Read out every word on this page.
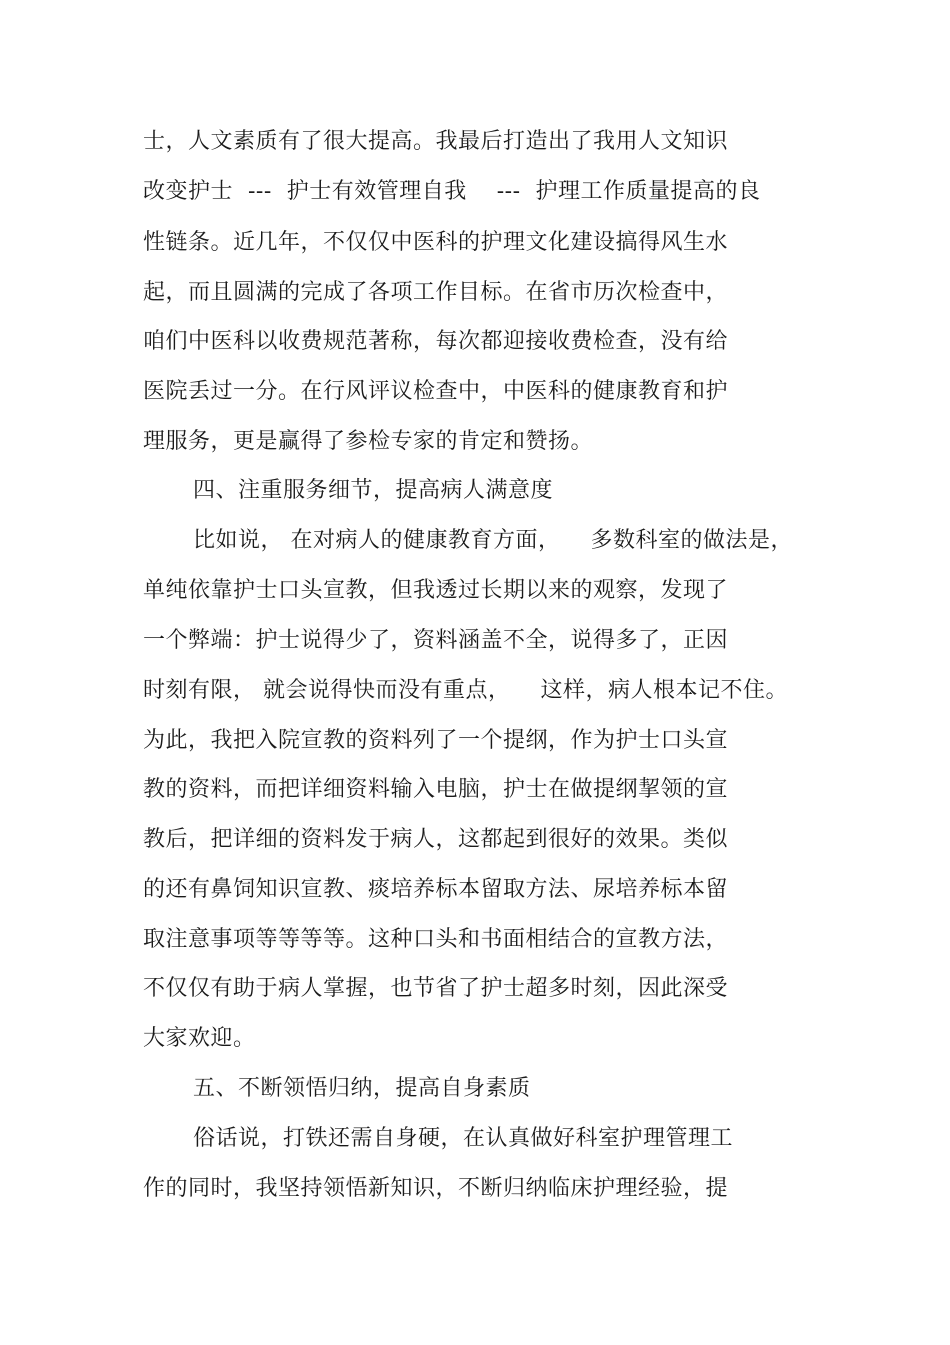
士，人文素质有了很大提高。我最后打造出了我用人文知识
改变护士  ---  护士有效管理自我    ---  护理工作质量提高的良
性链条。近几年，不仅仅中医科的护理文化建设搞得风生水
起，而且圆满的完成了各项工作目标。在省市历次检查中，
咱们中医科以收费规范著称，每次都迎接收费检查，没有给
医院丢过一分。在行风评议检查中，中医科的健康教育和护
理服务，更是赢得了参检专家的肯定和赞扬。
四、注重服务细节，提高病人满意度
比如说， 在对病人的健康教育方面，    多数科室的做法是，
单纯依靠护士口头宣教，但我透过长期以来的观察，发现了
一个弊端：护士说得少了，资料涵盖不全，说得多了，正因
时刻有限， 就会说得快而没有重点，    这样，病人根本记不住。
为此，我把入院宣教的资料列了一个提纲，作为护士口头宣
教的资料，而把详细资料输入电脑，护士在做提纲挈领的宣
教后，把详细的资料发于病人，这都起到很好的效果。类似
的还有鼻饲知识宣教、痰培养标本留取方法、尿培养标本留
取注意事项等等等等。这种口头和书面相结合的宣教方法，
不仅仅有助于病人掌握，也节省了护士超多时刻，因此深受
大家欢迎。
五、不断领悟归纳，提高自身素质
俗话说，打铁还需自身硬，在认真做好科室护理管理工
作的同时，我坚持领悟新知识，不断归纳临床护理经验，提
